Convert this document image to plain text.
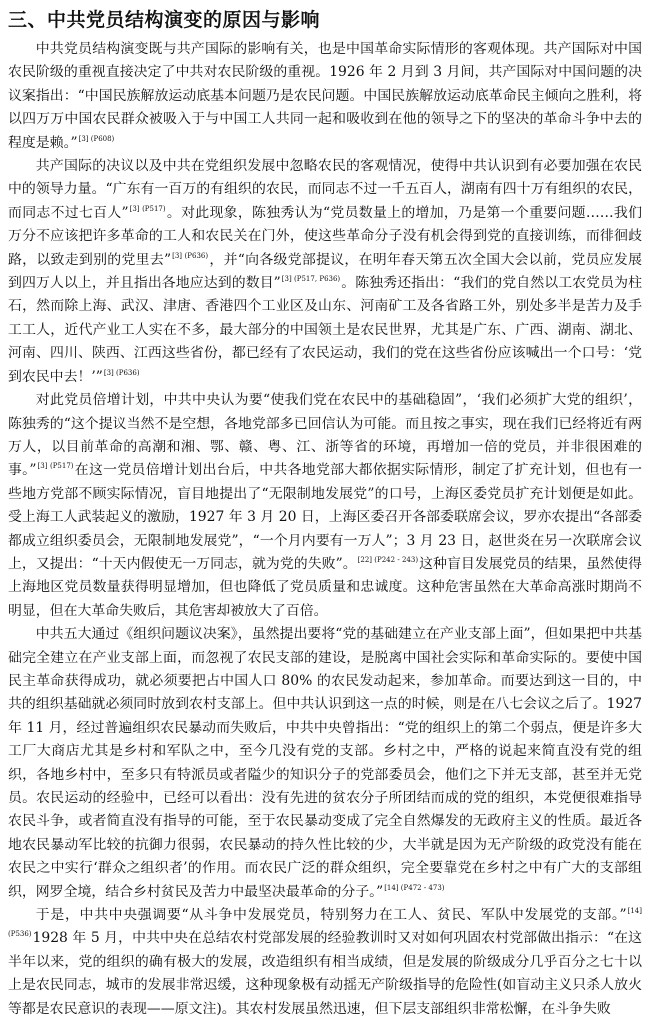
三、中共党员结构演变的原因与影响

中共党员结构演变既与共产国际的影响有关，也是中国革命实际情形的客观体现。共产国际对中国农民阶级的重视直接决定了中共对农民阶级的重视。1926 年 2 月到 3 月间，共产国际对中国问题的决议案指出：“中国民族解放运动底基本问题乃是农民问题。中国民族解放运动底革命民主倾向之胜利，将以四万万中国农民群众被吸入于与中国工人共同一起和吸收到在他的领导之下的坚决的革命斗争中去的程度是赖。”$^{[3] (P608)}$

共产国际的决议以及中共在党组织发展中忽略农民的客观情况，使得中共认识到有必要加强在农民中的领导力量。“广东有一百万的有组织的农民，而同志不过一千五百人，湖南有四十万有组织的农民，而同志不过七百人”$^{[3] (P517)}$。对此现象，陈独秀认为“党员数量上的增加，乃是第一个重要问题……我们万分不应该把许多革命的工人和农民关在门外，使这些革命分子没有机会得到党的直接训练，而徘徊歧路，以致走到别的党里去”$^{[3] (P636)}$，并“向各级党部提议，在明年春天第五次全国大会以前，党员应发展到四万人以上，并且指出各地应达到的数目”$^{[3] (P517, P636)}$。陈独秀还指出：“我们的党自然以工农党员为柱石，然而除上海、武汉、津唐、香港四个工业区及山东、河南矿工及各省路工外，别处多半是苦力及手工工人，近代产业工人实在不多，最大部分的中国领土是农民世界，尤其是广东、广西、湖南、湖北、河南、四川、陕西、江西这些省份，都已经有了农民运动，我们的党在这些省份应该喊出一个口号：‘党到农民中去！’”$^{[3] (P636)}$

对此党员倍增计划，中共中央认为要“使我们党在农民中的基础稳固”，‘我们必须扩大党的组织’，陈独秀的“这个提议当然不是空想，各地党部多已回信认为可能。而且按之事实，现在我们已经将近有两万人，以目前革命的高潮和湘、鄂、赣、粤、江、浙等省的环境，再增加一倍的党员，并非很困难的事。”$^{[3] (P517)}$在这一党员倍增计划出台后，中共各地党部大都依据实际情形，制定了扩充计划，但也有一些地方党部不顾实际情况，盲目地提出了“无限制地发展党”的口号，上海区委党员扩充计划便是如此。受上海工人武装起义的激励，1927 年 3 月 20 日，上海区委召开各部委联席会议，罗亦农提出“各部委都成立组织委员会，无限制地发展党”，“一个月内要有一万人”；3 月 23 日，赵世炎在另一次联席会议上，又提出：“十天内假使无一万同志，就为党的失败”。$^{[22] (P242 - 243)}$这种盲目发展党员的结果，虽然使得上海地区党员数量获得明显增加，但也降低了党员质量和忠诚度。这种危害虽然在大革命高涨时期尚不明显，但在大革命失败后，其危害却被放大了百倍。

中共五大通过《组织问题议决案》，虽然提出要将“党的基础建立在产业支部上面”，但如果把中共基础完全建立在产业支部上面，而忽视了农民支部的建设，是脱离中国社会实际和革命实际的。要使中国民主革命获得成功，就必须要把占中国人口 80% 的农民发动起来，参加革命。而要达到这一目的，中共的组织基础就必须同时放到农村支部上。但中共认识到这一点的时候，则是在八七会议之后了。1927 年 11 月，经过普遍组织农民暴动而失败后，中共中央曾指出：“党的组织上的第二个弱点，便是许多大工厂大商店尤其是乡村和军队之中，至今几没有党的支部。乡村之中，严格的说起来简直没有党的组织，各地乡村中，至多只有特派员或者隘少的知识分子的党部委员会，他们之下并无支部，甚至并无党员。农民运动的经验中，已经可以看出：没有先进的贫农分子所团结而成的党的组织，本党便很难指导农民斗争，或者简直没有指导的可能，至于农民暴动变成了完全自然爆发的无政府主义的性质。最近各地农民暴动军比较的抗御力很弱，农民暴动的持久性比较的少，大半就是因为无产阶级的政党没有能在农民之中实行‘群众之组织者’的作用。而农民广泛的群众组织，完全要靠党在乡村之中有广大的支部组织，网罗全境，结合乡村贫民及苦力中最坚决最革命的分子。”$^{[14] (P472 - 473)}$

于是，中共中央强调要“从斗争中发展党员，特别努力在工人、贫民、军队中发展党的支部。”$^{[14] (P536)}$1928 年 5 月，中共中央在总结农村党部发展的经验教训时又对如何巩固农村党部做出指示：“在这半年以来，党的组织的确有极大的发展，改造组织有相当成绩，但是发展的阶级成分几乎百分之七十以上是农民同志，城市的发展非常迟缓，这种现象极有动摇无产阶级指导的危险性(如盲动主义只杀人放火等都是农民意识的表现——原文注)。其农村发展虽然迅速，但下层支部组织非常松懈，在斗争失败
